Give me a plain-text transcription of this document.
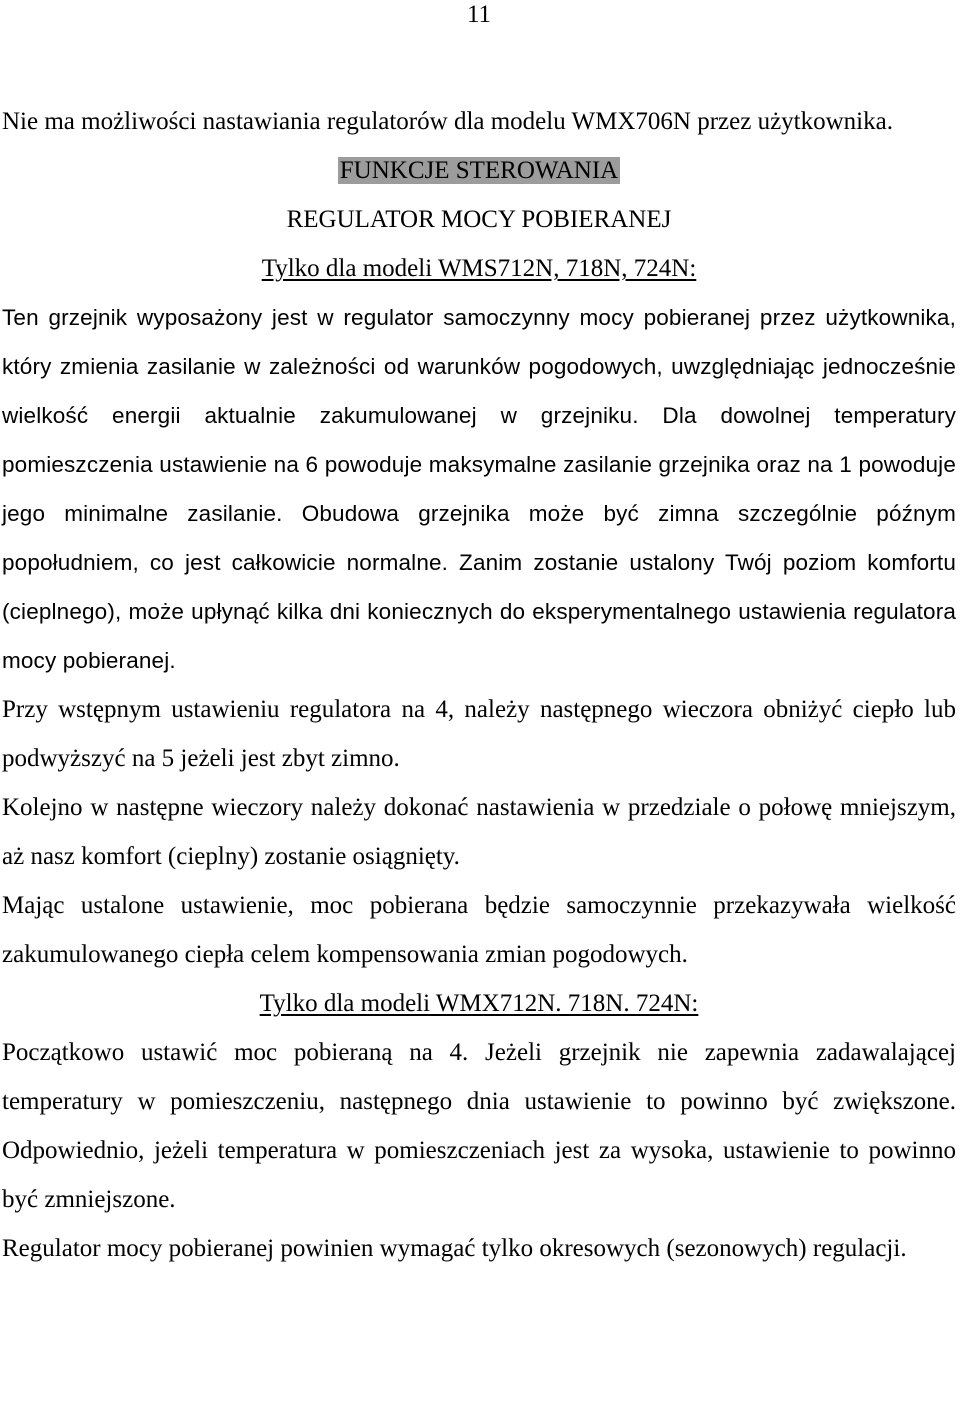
11

Nie ma możliwości nastawiania regulatorów dla modelu WMX706N przez użytkownika.

FUNKCJE STEROWANIA

REGULATOR MOCY POBIERANEJ

Tylko dla modeli WMS712N, 718N, 724N:

Ten grzejnik wyposażony jest w regulator samoczynny mocy pobieranej przez użytkownika, który zmienia zasilanie w zależności od warunków pogodowych, uwzględniając jednocześnie wielkość energii aktualnie zakumulowanej w grzejniku. Dla dowolnej temperatury pomieszczenia ustawienie na 6 powoduje maksymalne zasilanie grzejnika oraz na 1 powoduje jego minimalne zasilanie. Obudowa grzejnika może być zimna szczególnie późnym popołudniem, co jest całkowicie normalne. Zanim zostanie ustalony Twój poziom komfortu (cieplnego), może upłynąć kilka dni koniecznych do eksperymentalnego ustawienia regulatora mocy pobieranej.

Przy wstępnym ustawieniu regulatora na 4, należy następnego wieczora obniżyć ciepło lub podwyższyć na 5 jeżeli jest zbyt zimno.

Kolejno w następne wieczory należy dokonać nastawienia w przedziale o połowę mniejszym, aż nasz komfort (cieplny) zostanie osiągnięty.

Mając ustalone ustawienie, moc pobierana będzie samoczynnie przekazywała wielkość zakumulowanego ciepła celem kompensowania zmian pogodowych.

Tylko dla modeli WMX712N. 718N. 724N:

Początkowo ustawić moc pobieraną na 4. Jeżeli grzejnik nie zapewnia zadawalającej temperatury w pomieszczeniu, następnego dnia ustawienie to powinno być zwiększone. Odpowiednio, jeżeli temperatura w pomieszczeniach jest za wysoka, ustawienie to powinno być zmniejszone.

Regulator mocy pobieranej powinien wymagać tylko okresowych (sezonowych) regulacji.
